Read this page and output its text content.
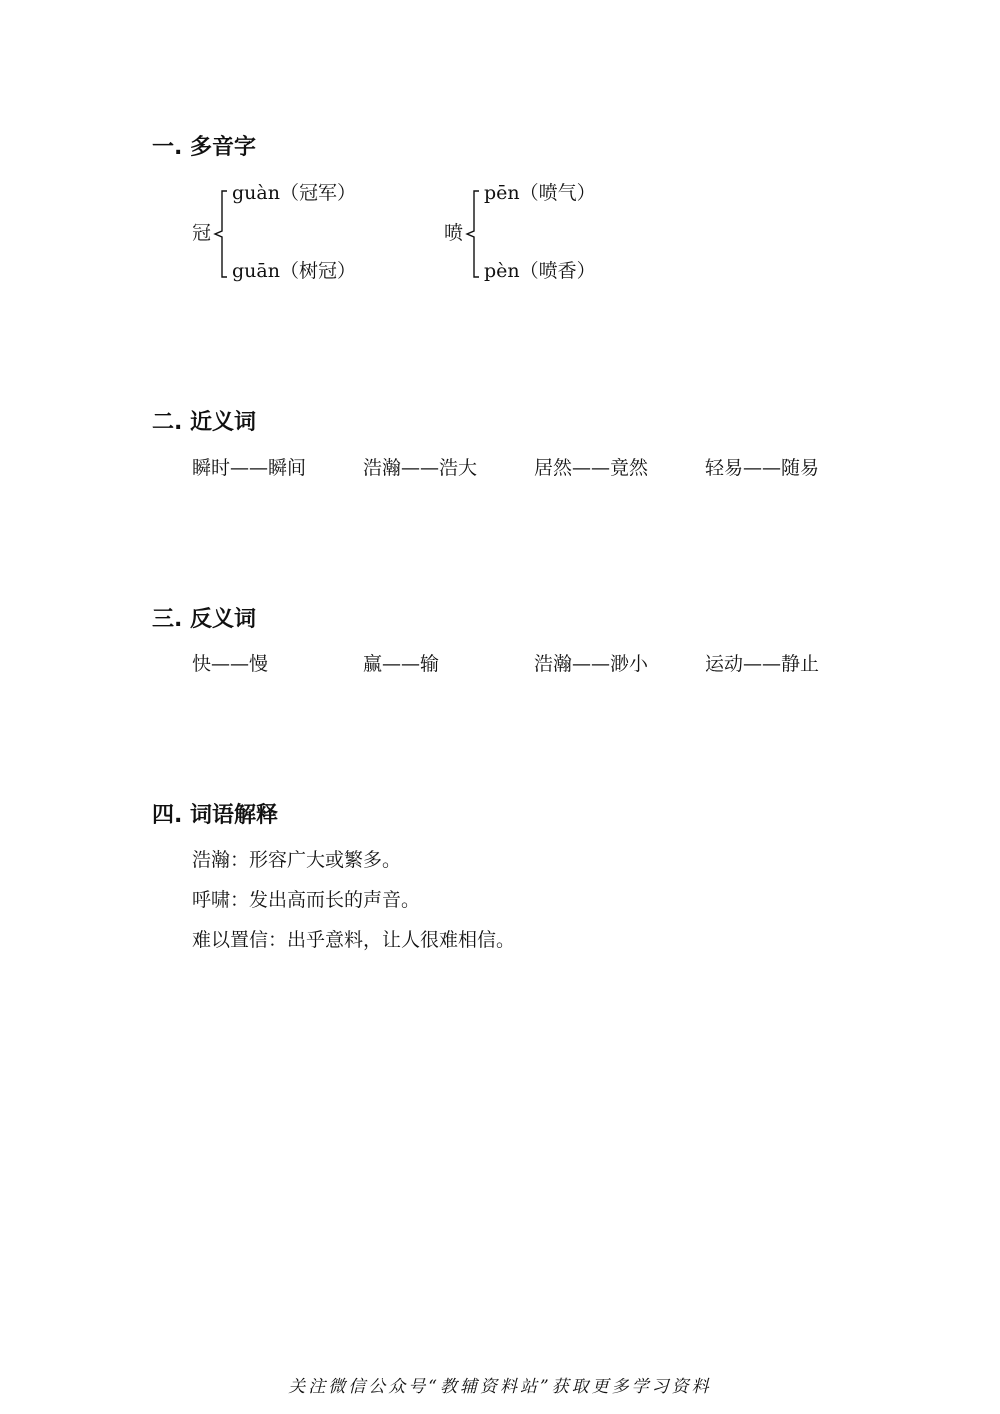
一. 多音字
冠
guàn（冠军）
guān（树冠）
喷
pēn（喷气）
pèn（喷香）
二. 近义词
瞬时——瞬间	浩瀚——浩大	居然——竟然	轻易——随易
三. 反义词
快——慢	赢——输	浩瀚——渺小	运动——静止
四. 词语解释
浩瀚：形容广大或繁多。
呼啸：发出高而长的声音。
难以置信：出乎意料，让人很难相信。
关注微信公众号“教辅资料站”获取更多学习资料
